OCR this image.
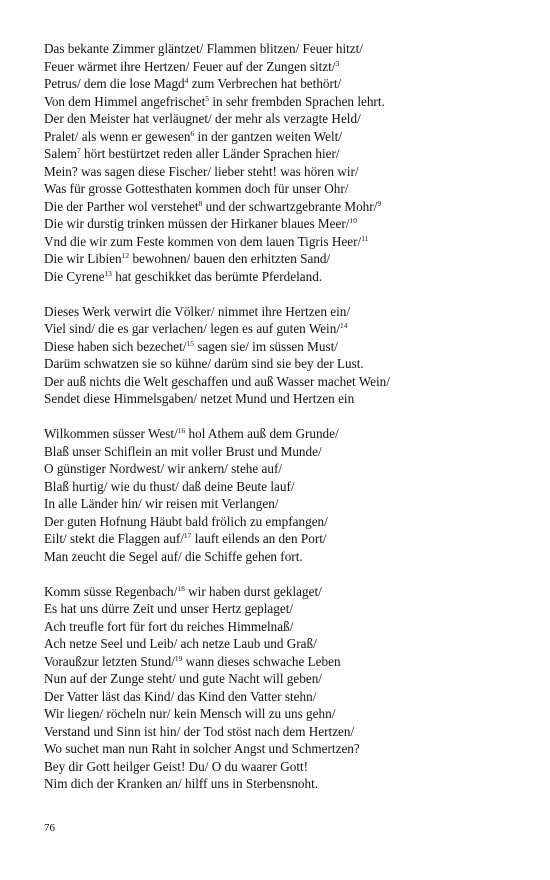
Das bekante Zimmer gläntzet/ Flammen blitzen/ Feuer hitzt/
Feuer wärmet ihre Hertzen/ Feuer auf der Zungen sitzt/$^3$
Petrus/ dem die lose Magd$^4$ zum Verbrechen hat bethört/
Von dem Himmel angefrischet$^5$ in sehr frembden Sprachen lehrt.
Der den Meister hat verläugnet/ der mehr als verzagte Held/
Pralet/ als wenn er gewesen$^6$ in der gantzen weiten Welt/
Salem$^7$ hört bestürtzet reden aller Länder Sprachen hier/
Mein? was sagen diese Fischer/ lieber steht! was hören wir/
Was für grosse Gottesthaten kommen doch für unser Ohr/
Die der Parther wol verstehet$^8$ und der schwartzgebrante Mohr/$^9$
Die wir durstig trinken müssen der Hirkaner blaues Meer/$^{10}$
Vnd die wir zum Feste kommen von dem lauen Tigris Heer/$^{11}$
Die wir Libien$^{12}$ bewohnen/ bauen den erhitzten Sand/
Die Cyrene$^{13}$ hat geschikket das berümte Pferdeland.
Dieses Werk verwirt die Völker/ nimmet ihre Hertzen ein/
Viel sind/ die es gar verlachen/ legen es auf guten Wein/$^{14}$
Diese haben sich bezechet/$^{15}$ sagen sie/ im süssen Must/
Darüm schwatzen sie so kühne/ darüm sind sie bey der Lust.
Der auß nichts die Welt geschaffen und auß Wasser machet Wein/
Sendet diese Himmelsgaben/ netzet Mund und Hertzen ein
Wilkommen süsser West/$^{16}$ hol Athem auß dem Grunde/
Blaß unser Schiflein an mit voller Brust und Munde/
O günstiger Nordwest/ wir ankern/ stehe auf/
Blaß hurtig/ wie du thust/ daß deine Beute lauf/
In alle Länder hin/ wir reisen mit Verlangen/
Der guten Hofnung Häubt bald frölich zu empfangen/
Eilt/ stekt die Flaggen auf/$^{17}$ lauft eilends an den Port/
Man zeucht die Segel auf/ die Schiffe gehen fort.
Komm süsse Regenbach/$^{18}$ wir haben durst geklaget/
Es hat uns dürre Zeit und unser Hertz geplaget/
Ach treufle fort für fort du reiches Himmelnaß/
Ach netze Seel und Leib/ ach netze Laub und Graß/
Voraußzur letzten Stund/$^{19}$ wann dieses schwache Leben
Nun auf der Zunge steht/ und gute Nacht will geben/
Der Vatter läst das Kind/ das Kind den Vatter stehn/
Wir liegen/ röcheln nur/ kein Mensch will zu uns gehn/
Verstand und Sinn ist hin/ der Tod stöst nach dem Hertzen/
Wo suchet man nun Raht in solcher Angst und Schmertzen?
Bey dir Gott heilger Geist! Du/ O du waarer Gott!
Nim dich der Kranken an/ hilff uns in Sterbensnoht.
76
